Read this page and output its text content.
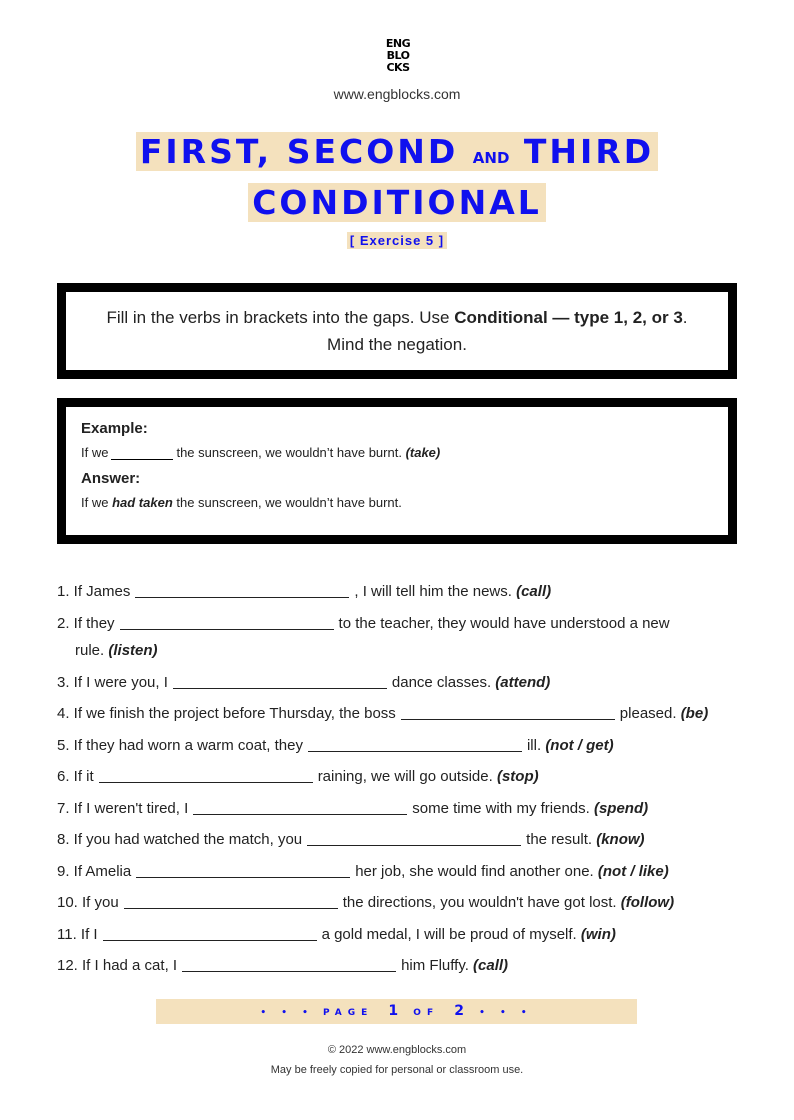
ENG
BLO
CKS
www.engblocks.com
FIRST, SECOND AND THIRD
CONDITIONAL
[ Exercise 5 ]
Fill in the verbs in brackets into the gaps. Use Conditional — type 1, 2, or 3. Mind the negation.
Example:
If we	the sunscreen, we wouldn’t have burnt. (take)
Answer:
If we had taken the sunscreen, we wouldn’t have burnt.
1. If James	, I will tell him the news. (call)
2. If they	to the teacher, they would have understood a new
rule. (listen)
3. If I were you, I	dance classes. (attend)
4. If we finish the project before Thursday, the boss	pleased. (be)
5. If they had worn a warm coat, they	ill. (not / get)
6. If it	raining, we will go outside. (stop)
7. If I weren't tired, I	some time with my friends. (spend)
8. If you had watched the match, you	the result. (know)
9. If Amelia	her job, she would find another one. (not / like)
10. If you	the directions, you wouldn't have got lost. (follow)
11. If I	a gold medal, I will be proud of myself. (win)
12. If I had a cat, I	him Fluffy. (call)
• • • PAGE 1 OF 2 • • •
© 2022 www.engblocks.com
May be freely copied for personal or classroom use.
